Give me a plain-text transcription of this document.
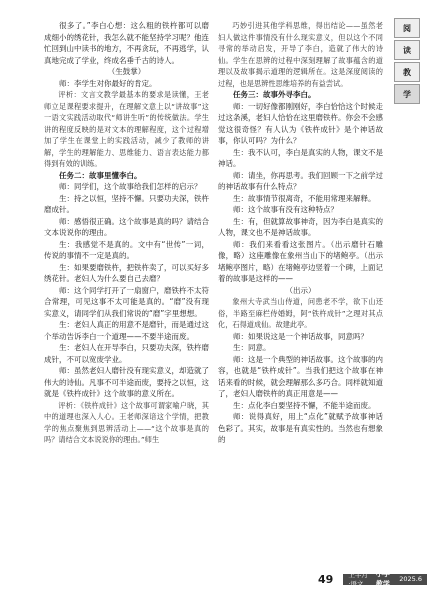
很多了。”李白心想：这么粗的铁杵都可以磨成细小的绣花针，我怎么就不能坚持学习呢？他连忙回到山中读书的地方，不再贪玩，不再逃学，认真地完成了学业，终成名垂千古的诗人。

（生鼓掌）

师：李学生对你最好的肯定。

评析：文言文教学最基本的要求是读懂，王老师立足课程要求提升，在理解文意上以“讲故事”这一语文实践活动取代“师讲生听”的传统做法。学生讲的程度反映的是对文本的理解程度，这个过程增加了学生在课堂上的实践活动，减少了教师的讲解，学生的理解能力、思维能力、语言表达能力都得到有效的训练。

任务二：故事里懂李白。

师：同学们，这个故事给我们怎样的启示？

生：持之以恒，坚持不懈。只要功夫深，铁杵磨成针。

师：感悟很正确。这个故事是真的吗？请结合文本说说你的理由。

生：我感觉不是真的。文中有“世传”一词，传说的事情不一定是真的。

生：如果要磨铁杵，把铁杵卖了，可以买好多绣花针。老妇人为什么要自己去磨？

师：这个同学打开了一扇窗户，磨铁杵不太符合常理，可见这事不太可能是真的。“磨”没有现实意义，请同学们从我们常说的“磨”字里想想。

生：老妇人真正的用意不是磨针，而是通过这个举动告诉李白一个道理——不要半途而废。

生：老妇人在开导李白，只要功夫深，铁杵磨成针，不可以宽废学业。

师：虽然老妇人磨针没有现实意义，却造就了伟大的诗仙。凡事不可半途而废，要持之以恒，这就是《铁杵成针》这个故事的意义所在。

评析：《铁杵成针》这个故事可谓家喻户晓，其中的道理也深入人心。王老师深谙这个学情，把教学的焦点聚焦到思辨活动上——“这个故事是真的吗？请结合文本说说你的理由。”师生

巧妙引进其他学科思维，得出结论——虽然老妇人做这件事情没有什么现实意义，但以这个不同寻常的举动启发，开导了李白，造就了伟大的诗仙。学生在思辨的过程中深刻理解了故事蕴含的道理以及故事揭示道理的逻辑所在。这是深度阅读的过程，也是思辨性思维培养的有益尝试。

任务三：故事外寻李白。

师：一切好像都刚刚好，李白恰恰这个时候走过这条溪，老妇人恰恰在这里磨铁杵。你会不会感觉这很奇怪？有人认为《铁杵成针》是个神话故事，你认可吗？为什么？

生：我不认可，李白是真实的人物，课文不是神话。

师：请坐，你再思考。我们回顾一下之前学过的神话故事有什么特点？

生：故事情节很离奇，不能用常理来解释。

师：这个故事有没有这种特点？

生：有，但就算故事神奇，因为李白是真实的人物，课文也不是神话故事。

师：我们来看看这张图片。（出示磨针石雕像，略）这座雕像在象州当山下的堵鲍亭。（出示堵鲍亭图片，略）在堵鲍亭边竖着一个碑，上面记着的故事是这样的——

（出示）

象州大寺武当山侍道，问患老不学，欲下山还俗，半路至麻栏侍婚姆，阿“铁杵成针”之理对其点化，石得道成仙。故建此亭。

师：如果说这是一个神话故事，同意吗？

生：同意。

师：这是一个典型的神话故事。这个故事的内容，也就是“铁杵成针”。当我们把这个故事在神话来看的时候，就会理解那么多巧合。同样就知道了，老妇人磨铁杵的真正用意是——

生：点化李白要坚持不懈，不能半途而废。

师：说得真好，用上“点化”就赋予故事神话色彩了。其实，故事是有真实性的。当然也有想象的

阅
读
教
学
49 上半月·语文
小学教学	2025.6
